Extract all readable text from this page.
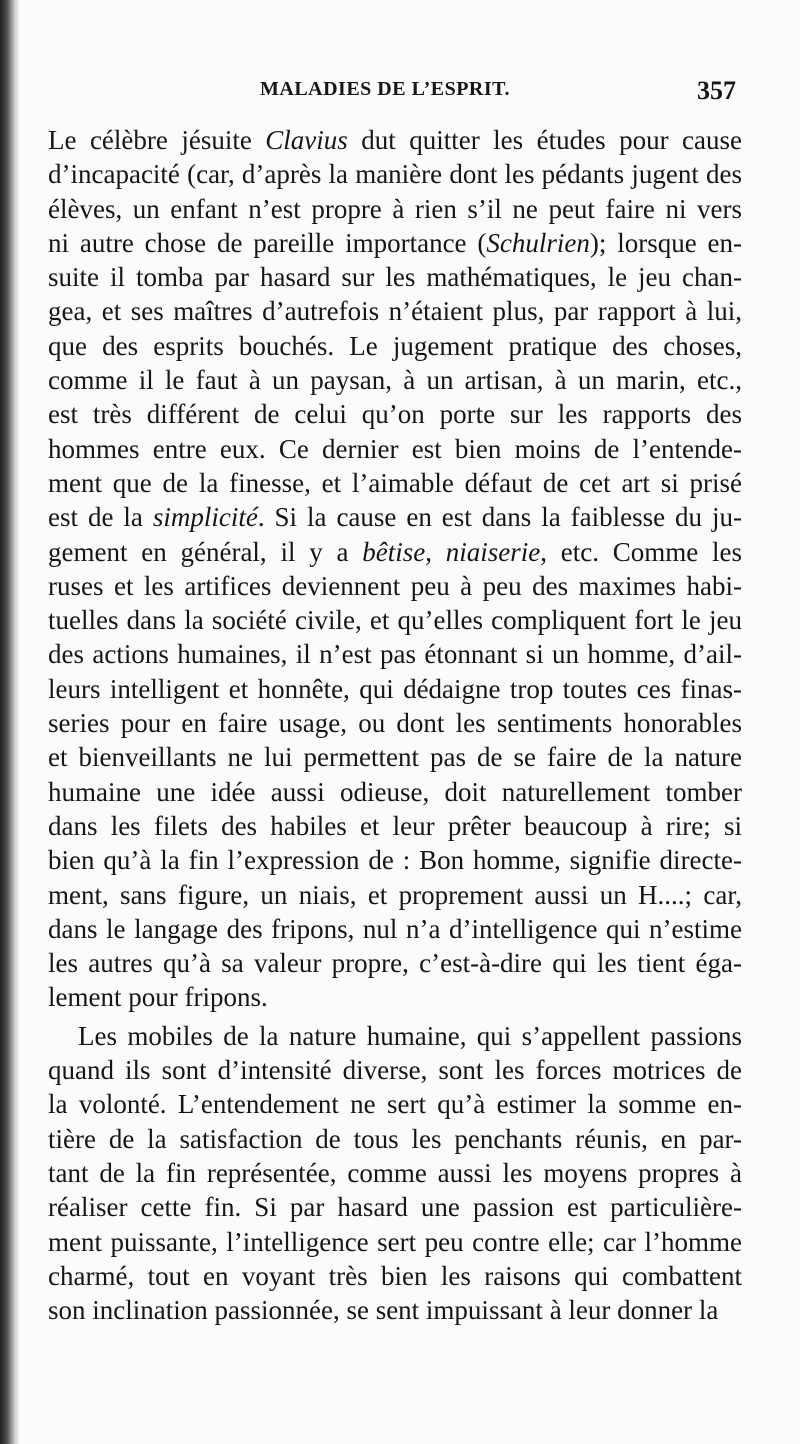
MALADIES DE L’ESPRIT.	357
Le célèbre jésuite Clavius dut quitter les études pour cause
d’incapacité (car, d’après la manière dont les pédants jugent des
élèves, un enfant n’est propre à rien s’il ne peut faire ni vers
ni autre chose de pareille importance (Schulrien); lorsque en-
suite il tomba par hasard sur les mathématiques, le jeu chan-
gea, et ses maîtres d’autrefois n’étaient plus, par rapport à lui,
que des esprits bouchés. Le jugement pratique des choses,
comme il le faut à un paysan, à un artisan, à un marin, etc.,
est très différent de celui qu’on porte sur les rapports des
hommes entre eux. Ce dernier est bien moins de l’entende-
ment que de la finesse, et l’aimable défaut de cet art si prisé
est de la simplicité. Si la cause en est dans la faiblesse du ju-
gement en général, il y a bêtise, niaiserie, etc. Comme les
ruses et les artifices deviennent peu à peu des maximes habi-
tuelles dans la société civile, et qu’elles compliquent fort le jeu
des actions humaines, il n’est pas étonnant si un homme, d’ail-
leurs intelligent et honnête, qui dédaigne trop toutes ces finas-
series pour en faire usage, ou dont les sentiments honorables
et bienveillants ne lui permettent pas de se faire de la nature
humaine une idée aussi odieuse, doit naturellement tomber
dans les filets des habiles et leur prêter beaucoup à rire; si
bien qu’à la fin l’expression de : Bon homme, signifie directe-
ment, sans figure, un niais, et proprement aussi un H....; car,
dans le langage des fripons, nul n’a d’intelligence qui n’estime
les autres qu’à sa valeur propre, c’est-à-dire qui les tient éga-
lement pour fripons.
Les mobiles de la nature humaine, qui s’appellent passions
quand ils sont d’intensité diverse, sont les forces motrices de
la volonté. L’entendement ne sert qu’à estimer la somme en-
tière de la satisfaction de tous les penchants réunis, en par-
tant de la fin représentée, comme aussi les moyens propres à
réaliser cette fin. Si par hasard une passion est particulière-
ment puissante, l’intelligence sert peu contre elle; car l’homme
charmé, tout en voyant très bien les raisons qui combattent
son inclination passionnée, se sent impuissant à leur donner la
